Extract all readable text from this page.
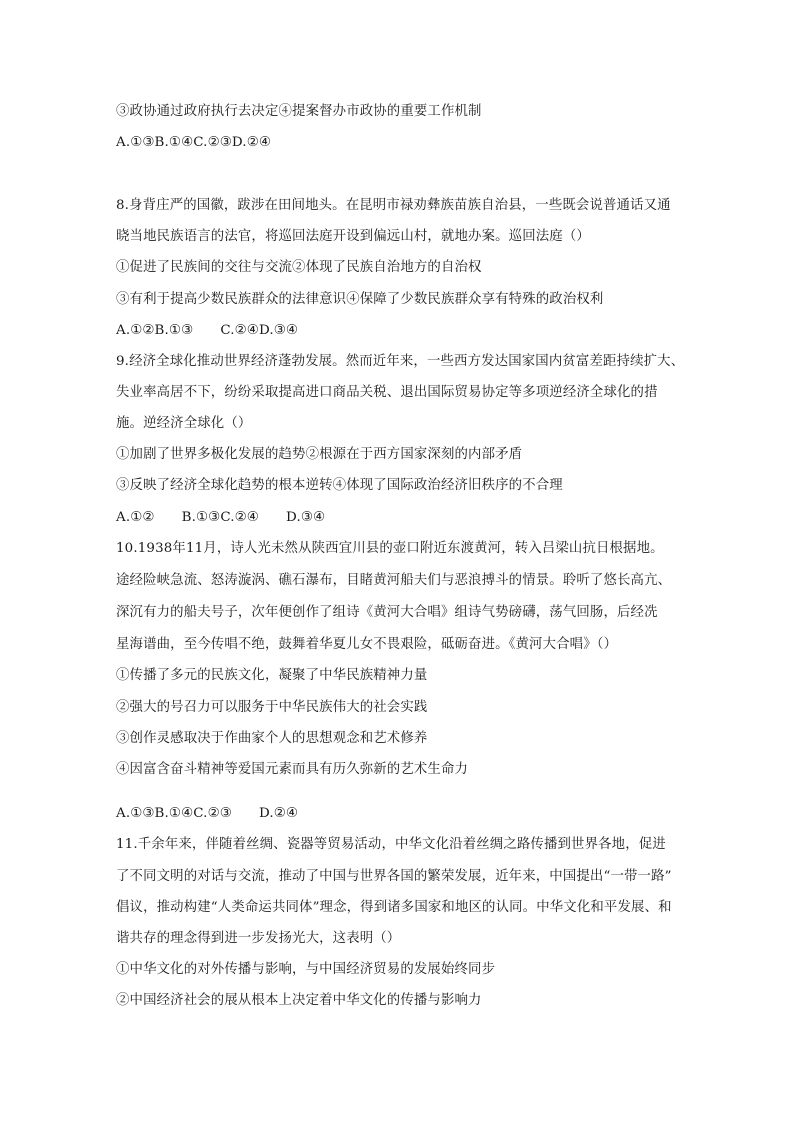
③政协通过政府执行去决定④提案督办市政协的重要工作机制
A.①③B.①④C.②③D.②④
8.身背庄严的国徽，跋涉在田间地头。在昆明市禄劝彝族苗族自治县，一些既会说普通话又通
晓当地民族语言的法官，将巡回法庭开设到偏远山村，就地办案。巡回法庭（）
①促进了民族间的交往与交流②体现了民族自治地方的自治权
③有利于提高少数民族群众的法律意识④保障了少数民族群众享有特殊的政治权利
A.①②B.①③　　C.②④D.③④
9.经济全球化推动世界经济蓬勃发展。然而近年来，一些西方发达国家国内贫富差距持续扩大、
失业率高居不下，纷纷采取提高进口商品关税、退出国际贸易协定等多项逆经济全球化的措
施。逆经济全球化（）
①加剧了世界多极化发展的趋势②根源在于西方国家深刻的内部矛盾
③反映了经济全球化趋势的根本逆转④体现了国际政治经济旧秩序的不合理
A.①②　　B.①③C.②④　　D.③④
10.1938年11月，诗人光未然从陕西宜川县的壶口附近东渡黄河，转入吕梁山抗日根据地。
途经险峡急流、怒涛漩涡、礁石瀑布，目睹黄河船夫们与恶浪搏斗的情景。聆听了悠长高亢、
深沉有力的船夫号子，次年便创作了组诗《黄河大合唱》组诗气势磅礴，荡气回肠，后经冼
星海谱曲，至今传唱不绝，鼓舞着华夏儿女不畏艰险，砥砺奋进。《黄河大合唱》（）
①传播了多元的民族文化，凝聚了中华民族精神力量
②强大的号召力可以服务于中华民族伟大的社会实践
③创作灵感取决于作曲家个人的思想观念和艺术修养
④因富含奋斗精神等爱国元素而具有历久弥新的艺术生命力
A.①③B.①④C.②③　　D.②④
11.千余年来，伴随着丝绸、瓷器等贸易活动，中华文化沿着丝绸之路传播到世界各地，促进
了不同文明的对话与交流，推动了中国与世界各国的繁荣发展，近年来，中国提出“一带一路”
倡议，推动构建“人类命运共同体”理念，得到诸多国家和地区的认同。中华文化和平发展、和
谐共存的理念得到进一步发扬光大，这表明（）
①中华文化的对外传播与影响，与中国经济贸易的发展始终同步
②中国经济社会的展从根本上决定着中华文化的传播与影响力
